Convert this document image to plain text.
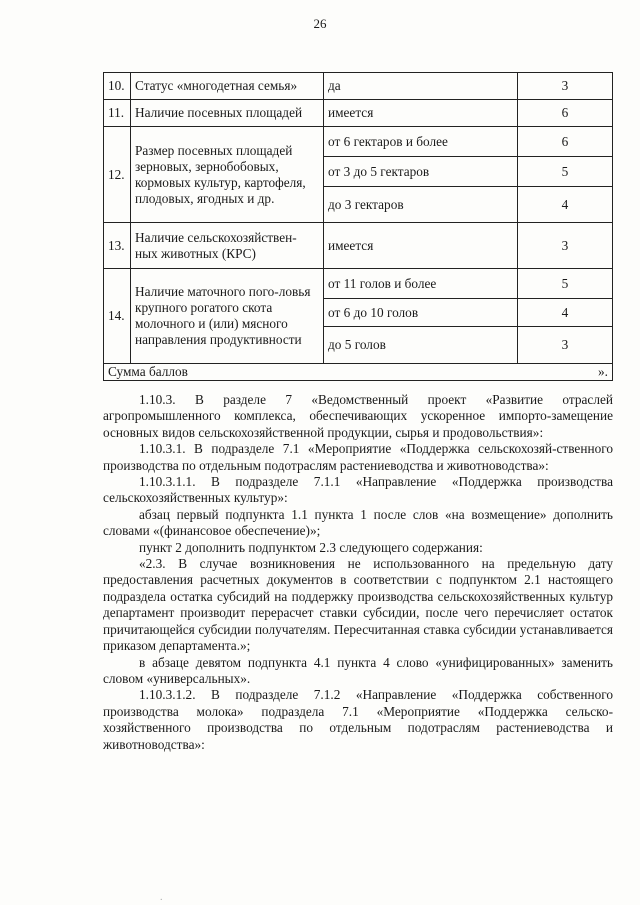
26
10.	Статус «многодетная семья»	да	3
11.	Наличие посевных площадей	имеется	6
12.	Размер посевных площадей зерновых, зернобобовых, кормовых культур, картофеля, плодовых, ягодных и др.	от 6 гектаров и более	6
		от 3 до 5 гектаров	5
		до 3 гектаров	4
13.	Наличие сельскохозяйствен-ных животных (КРС)	имеется	3
14.	Наличие маточного пого-ловья крупного рогатого скота молочного и (или) мясного направления продуктивности	от 11 голов и более	5
		от 6 до 10 голов	4
		до 5 голов	3
Сумма баллов ».			

1.10.3. В разделе 7 «Ведомственный проект «Развитие отраслей агропромышленного комплекса, обеспечивающих ускоренное импорто-замещение основных видов сельскохозяйственной продукции, сырья и продовольствия»:

1.10.3.1. В подразделе 7.1 «Мероприятие «Поддержка сельскохозяй-ственного производства по отдельным подотраслям растениеводства и животноводства»:

1.10.3.1.1. В подразделе 7.1.1 «Направление «Поддержка производства сельскохозяйственных культур»:

абзац первый подпункта 1.1 пункта 1 после слов «на возмещение» дополнить словами «(финансовое обеспечение)»;

пункт 2 дополнить подпунктом 2.3 следующего содержания:

«2.3. В случае возникновения не использованного на предельную дату предоставления расчетных документов в соответствии с подпунктом 2.1 настоящего подраздела остатка субсидий на поддержку производства сельскохозяйственных культур департамент производит перерасчет ставки субсидии, после чего перечисляет остаток причитающейся субсидии получателям. Пересчитанная ставка субсидии устанавливается приказом департамента.»;

в абзаце девятом подпункта 4.1 пункта 4 слово «унифицированных» заменить словом «универсальных».

1.10.3.1.2. В подразделе 7.1.2 «Направление «Поддержка собственного производства молока» подраздела 7.1 «Мероприятие «Поддержка сельско-хозяйственного производства по отдельным подотраслям растениеводства и животноводства»:

.
